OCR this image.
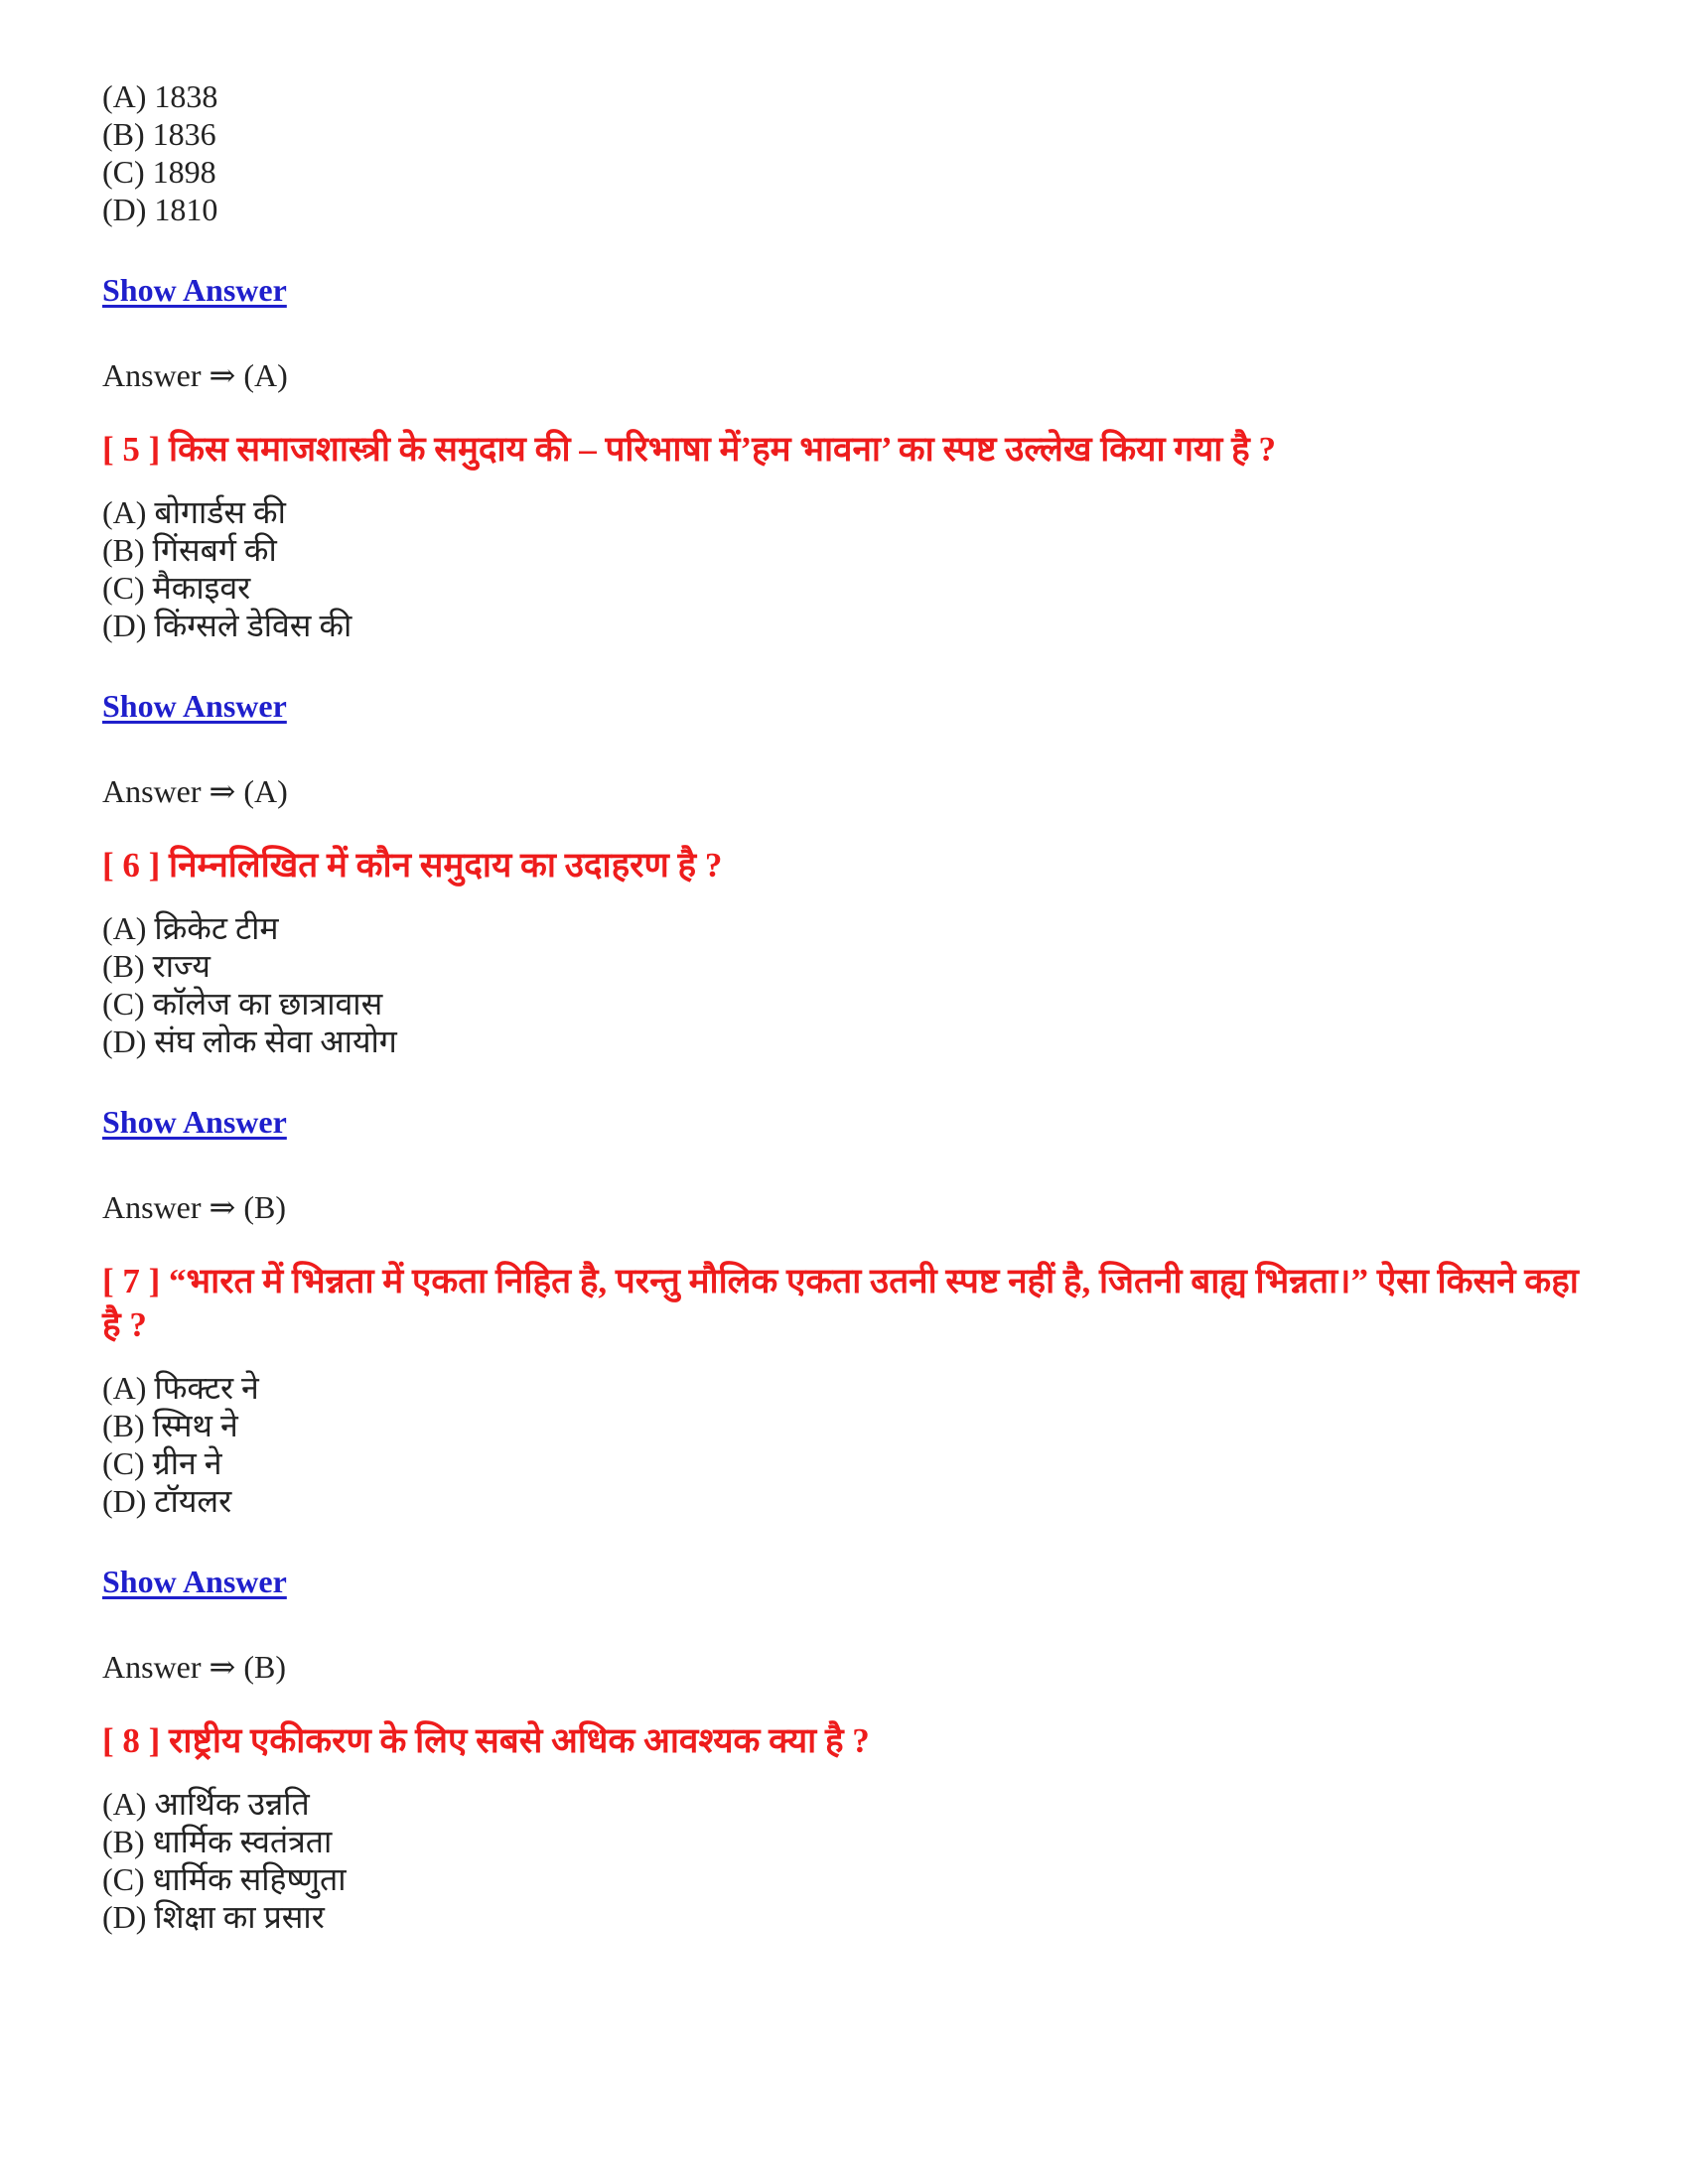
(A) 1838

(B) 1836

(C) 1898

(D) 1810

Show Answer

Answer ⇒ (A)

[ 5 ] किस समाजशास्त्री के समुदाय की – परिभाषा में’हम भावना’ का स्पष्ट उल्लेख किया गया है ?

(A) बोगार्डस की

(B) गिंसबर्ग की

(C) मैकाइवर

(D) किंग्सले डेविस की

Show Answer

Answer ⇒ (A)

[ 6 ] निम्नलिखित में कौन समुदाय का उदाहरण है ?

(A) क्रिकेट टीम

(B) राज्य

(C) कॉलेज का छात्रावास

(D) संघ लोक सेवा आयोग

Show Answer

Answer ⇒ (B)

[ 7 ] “भारत में भिन्नता में एकता निहित है, परन्तु मौलिक एकता उतनी स्पष्ट नहीं है, जितनी बाह्य भिन्नता।” ऐसा किसने कहा है ?

(A) फिक्टर ने

(B) स्मिथ ने

(C) ग्रीन ने

(D) टॉयलर

Show Answer

Answer ⇒ (B)

[ 8 ] राष्ट्रीय एकीकरण के लिए सबसे अधिक आवश्यक क्या है ?

(A) आर्थिक उन्नति

(B) धार्मिक स्वतंत्रता

(C) धार्मिक सहिष्णुता

(D) शिक्षा का प्रसार
